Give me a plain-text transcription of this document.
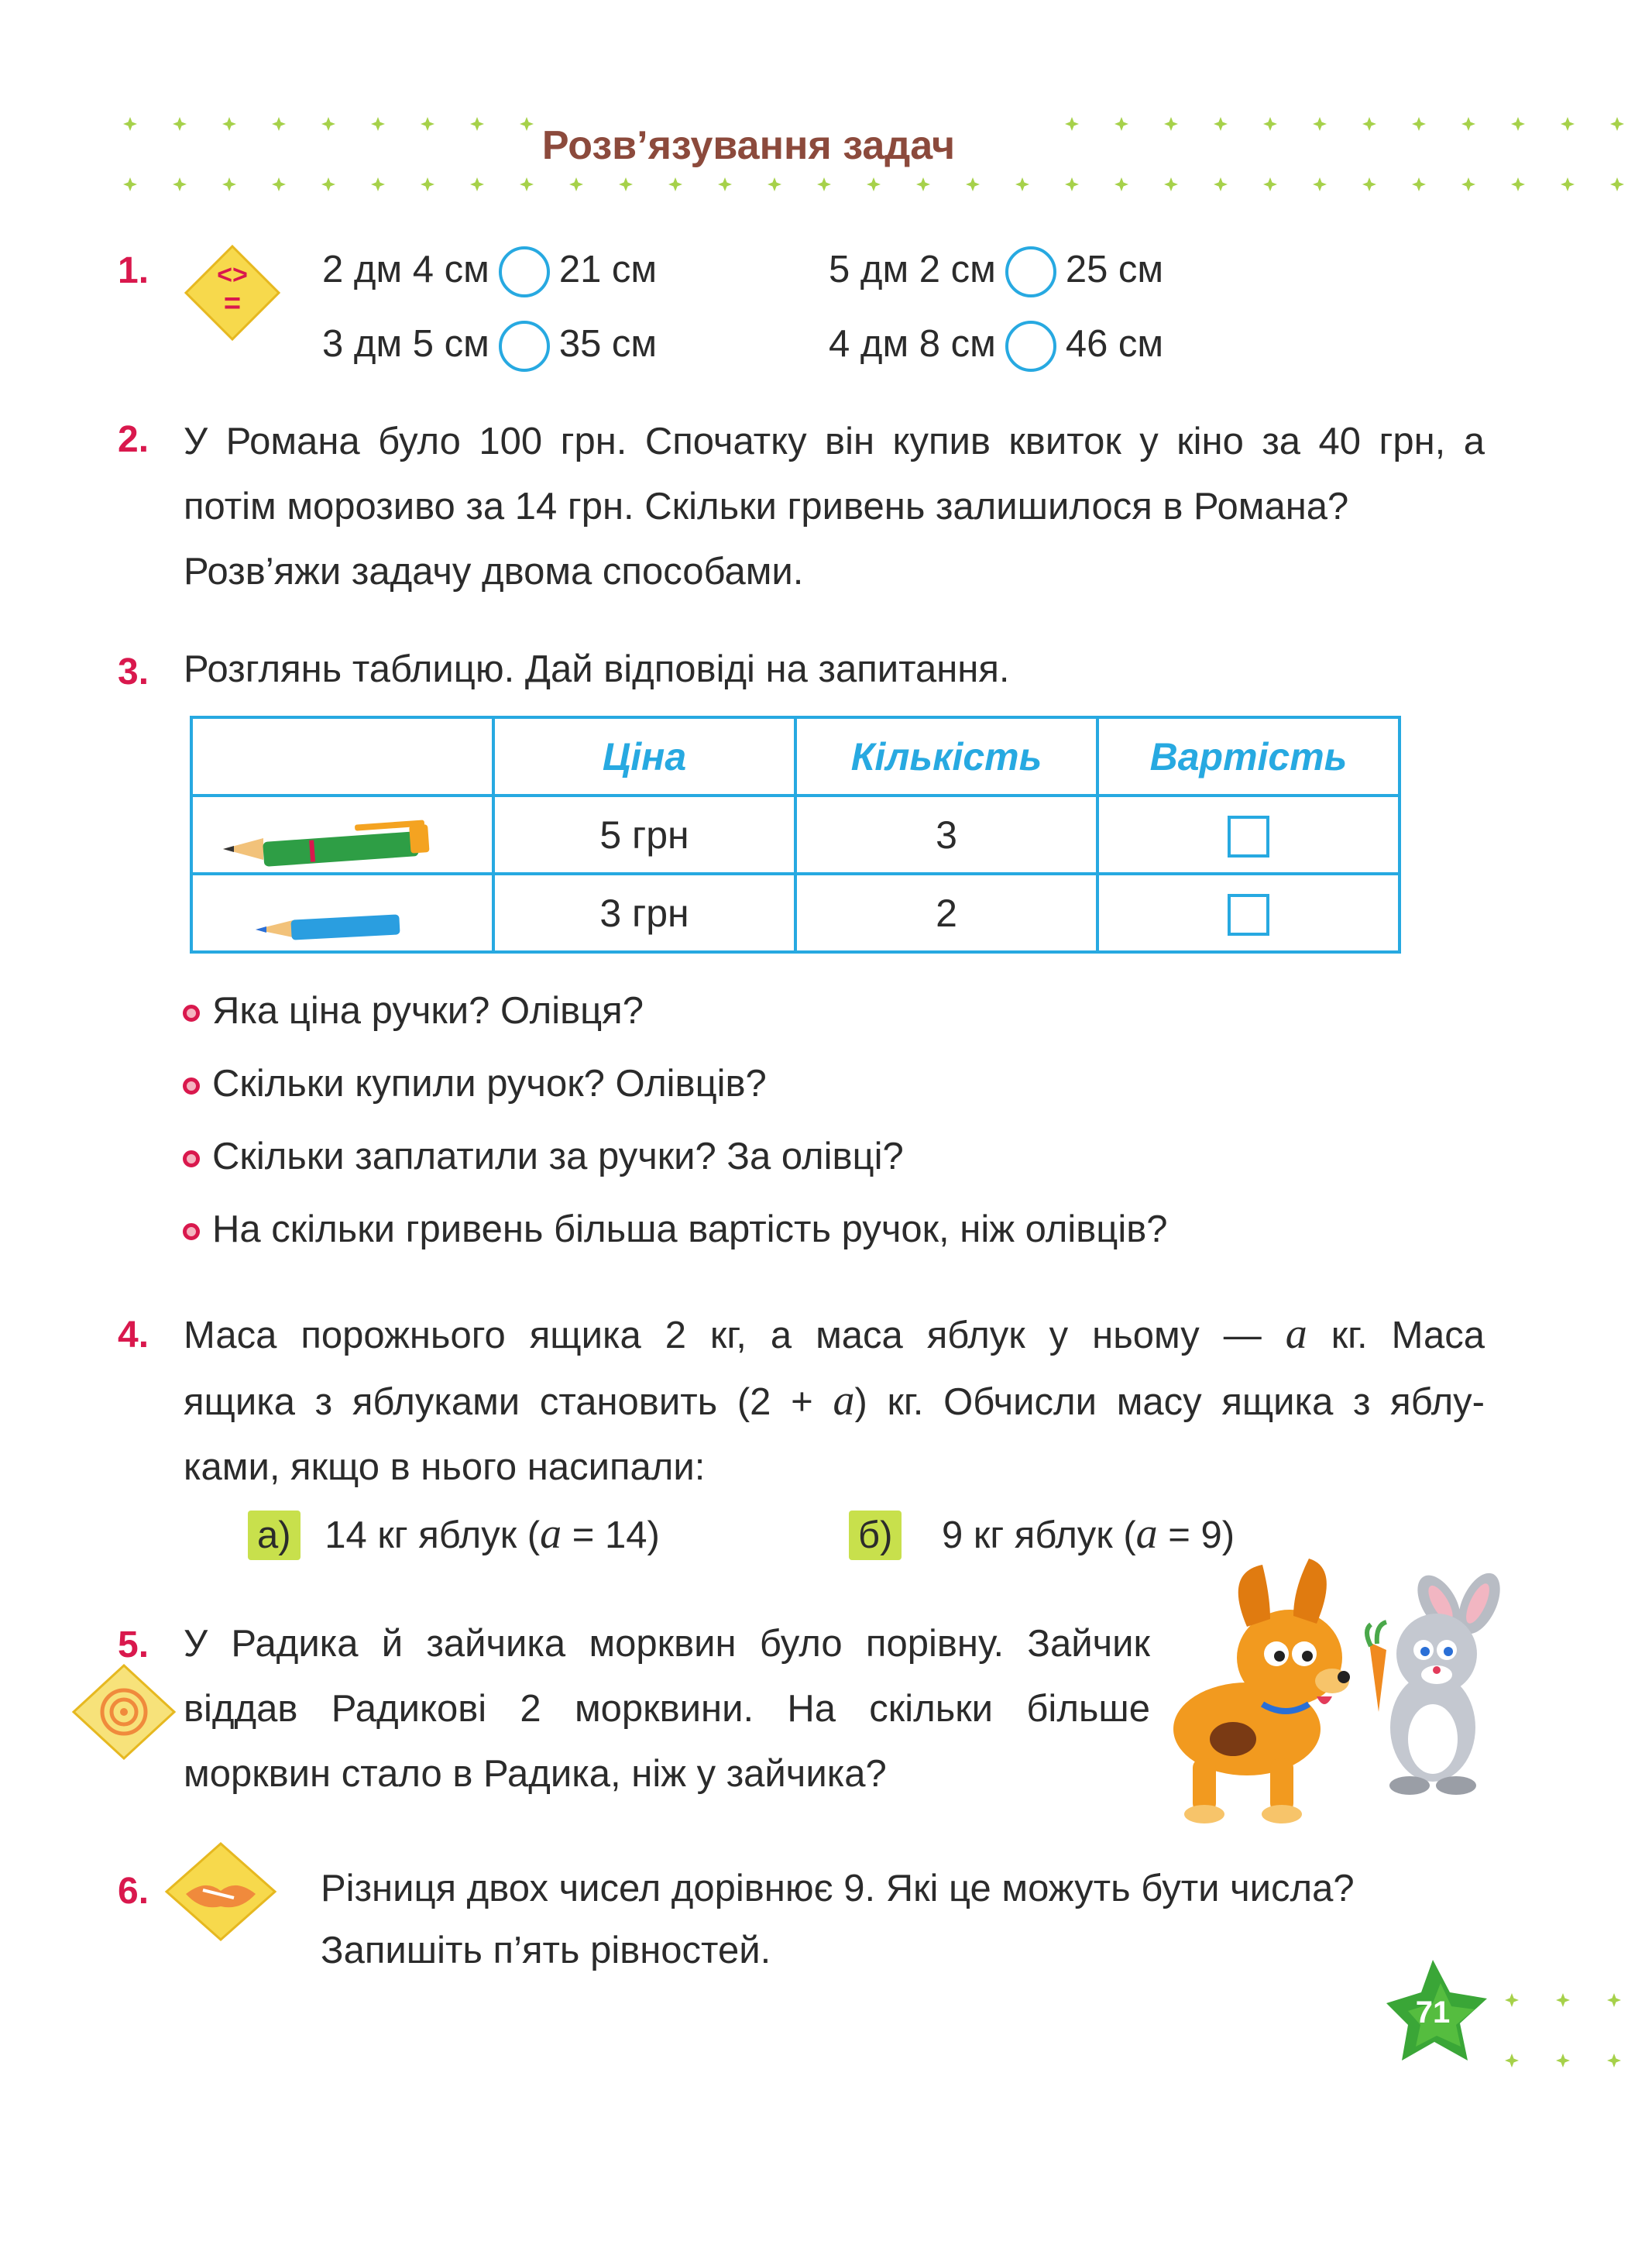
<>
=
Розв’язування задач
1.	2 дм 4 см 21 см	5 дм 2 см 25 см
3 дм 5 см 35 см	4 дм 8 см 46 см
2. У Романа було 100 грн. Спочатку він купив квиток у кіно за 40 грн, а
потім морозиво за 14 грн. Скільки гривень залишилося в Романа?
Розв’яжи задачу двома способами.
3. Розглянь таблицю. Дай відповіді на запитання.
	Ціна	Кількість	Вартість
	5 грн	3	
	3 грн	2	
Яка ціна ручки? Олівця?
Скільки купили ручок? Олівців?
Скільки заплатили за ручки? За олівці?
На скільки гривень більша вартість ручок, ніж олівців?
4. Маса порожнього ящика 2 кг, а маса яблук у ньому — a кг. Маса
ящика з яблуками становить (2 + a) кг. Обчисли масу ящика з яблу-
ками, якщо в нього насипали:
а) 14 кг яблук (a = 14)	б) 9 кг яблук (a = 9)
5. У Радика й зайчика морквин було порівну. Зайчик
віддав Радикові 2 морквини. На скільки більше
морквин стало в Радика, ніж у зайчика?
6.	Різниця двох чисел дорівнює 9. Які це можуть бути числа?
Запишіть п’ять рівностей.
71
